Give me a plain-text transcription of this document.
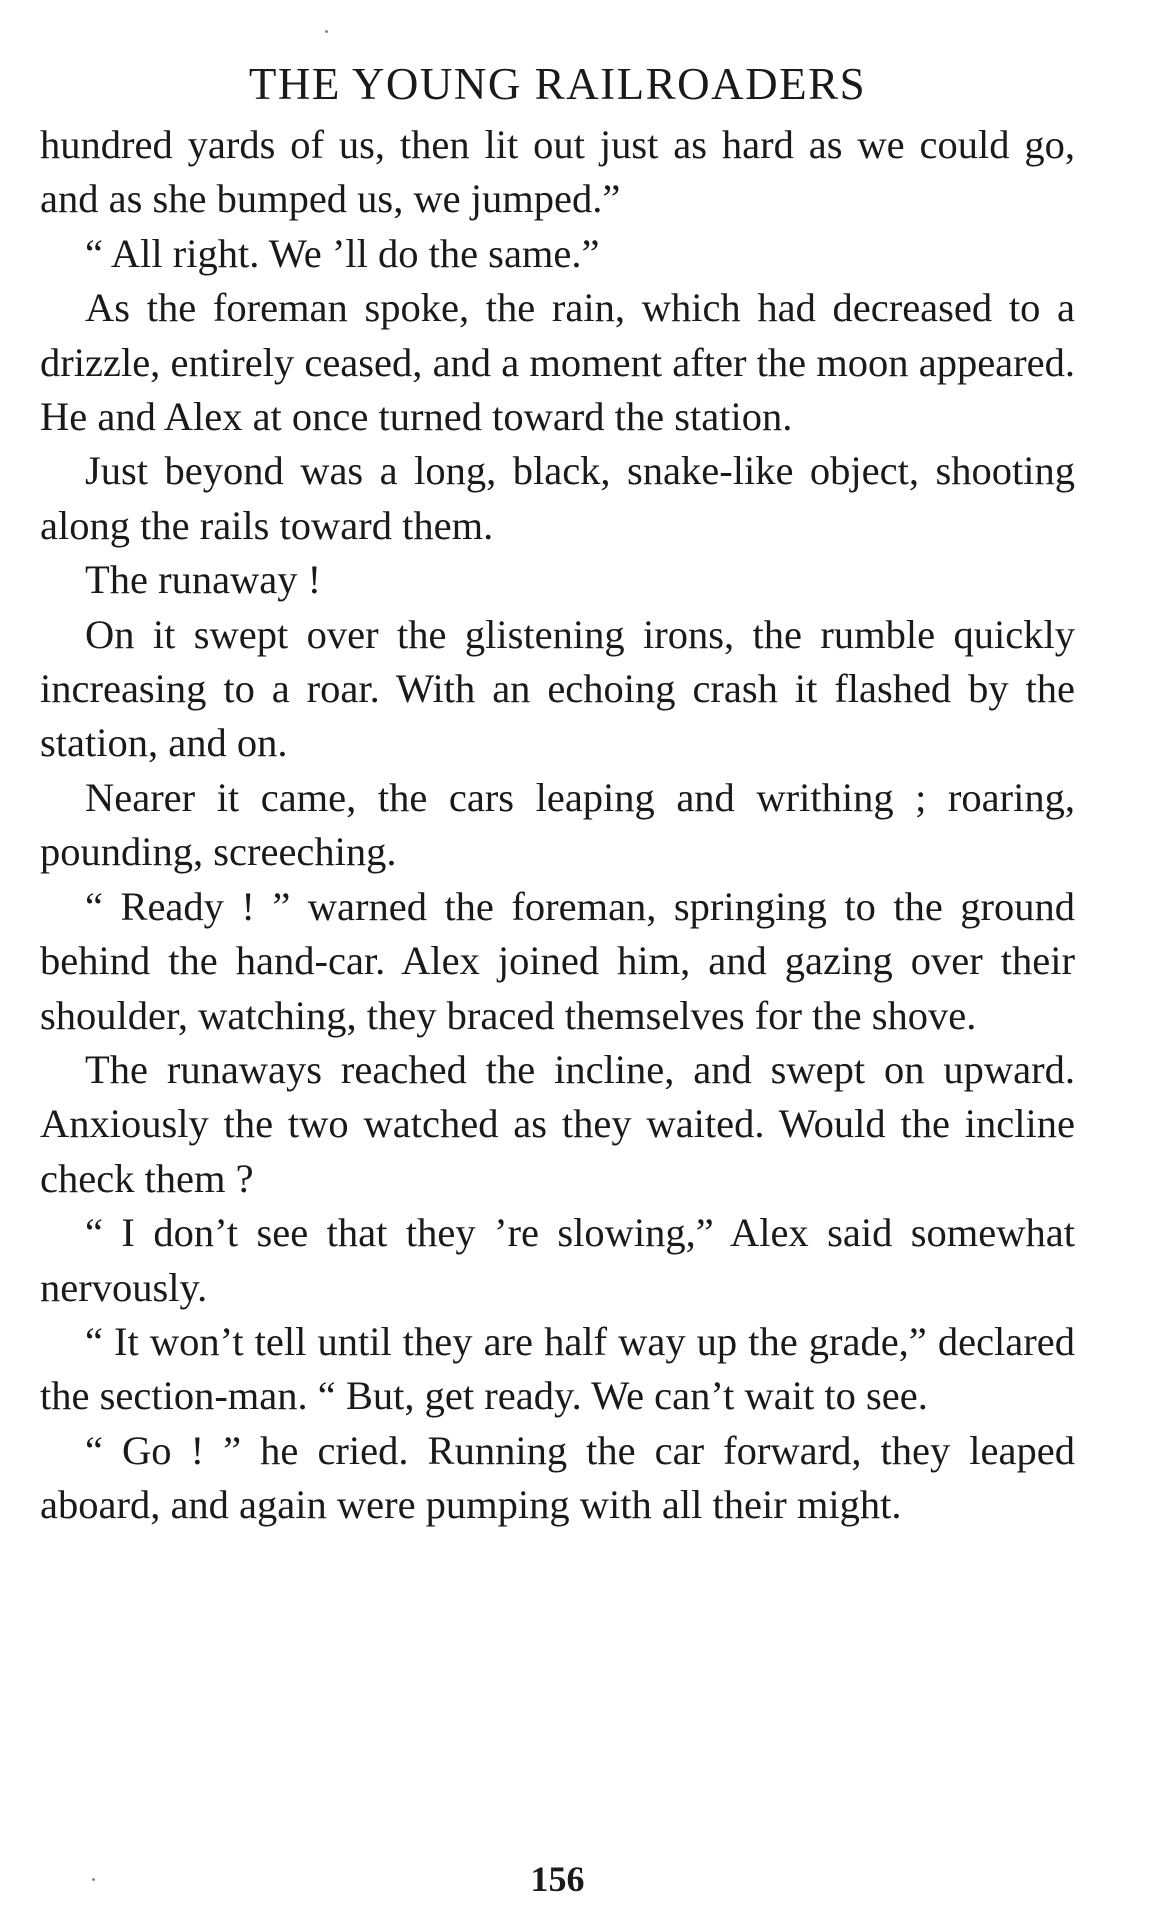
THE YOUNG RAILROADERS

hundred yards of us, then lit out just as hard as we could go, and as she bumped us, we jumped.”

“ All right. We ’ll do the same.”

As the foreman spoke, the rain, which had decreased to a drizzle, entirely ceased, and a moment after the moon appeared. He and Alex at once turned toward the station.

Just beyond was a long, black, snake-like object, shooting along the rails toward them.

The runaway !

On it swept over the glistening irons, the rumble quickly increasing to a roar. With an echoing crash it flashed by the station, and on.

Nearer it came, the cars leaping and writhing ; roaring, pounding, screeching.

“ Ready ! ” warned the foreman, springing to the ground behind the hand-car. Alex joined him, and gazing over their shoulder, watching, they braced themselves for the shove.

The runaways reached the incline, and swept on upward. Anxiously the two watched as they waited. Would the incline check them ?

“ I don’t see that they ’re slowing,” Alex said somewhat nervously.

“ It won’t tell until they are half way up the grade,” declared the section-man. “ But, get ready. We can’t wait to see.

“ Go ! ” he cried. Running the car forward, they leaped aboard, and again were pumping with all their might.

156
